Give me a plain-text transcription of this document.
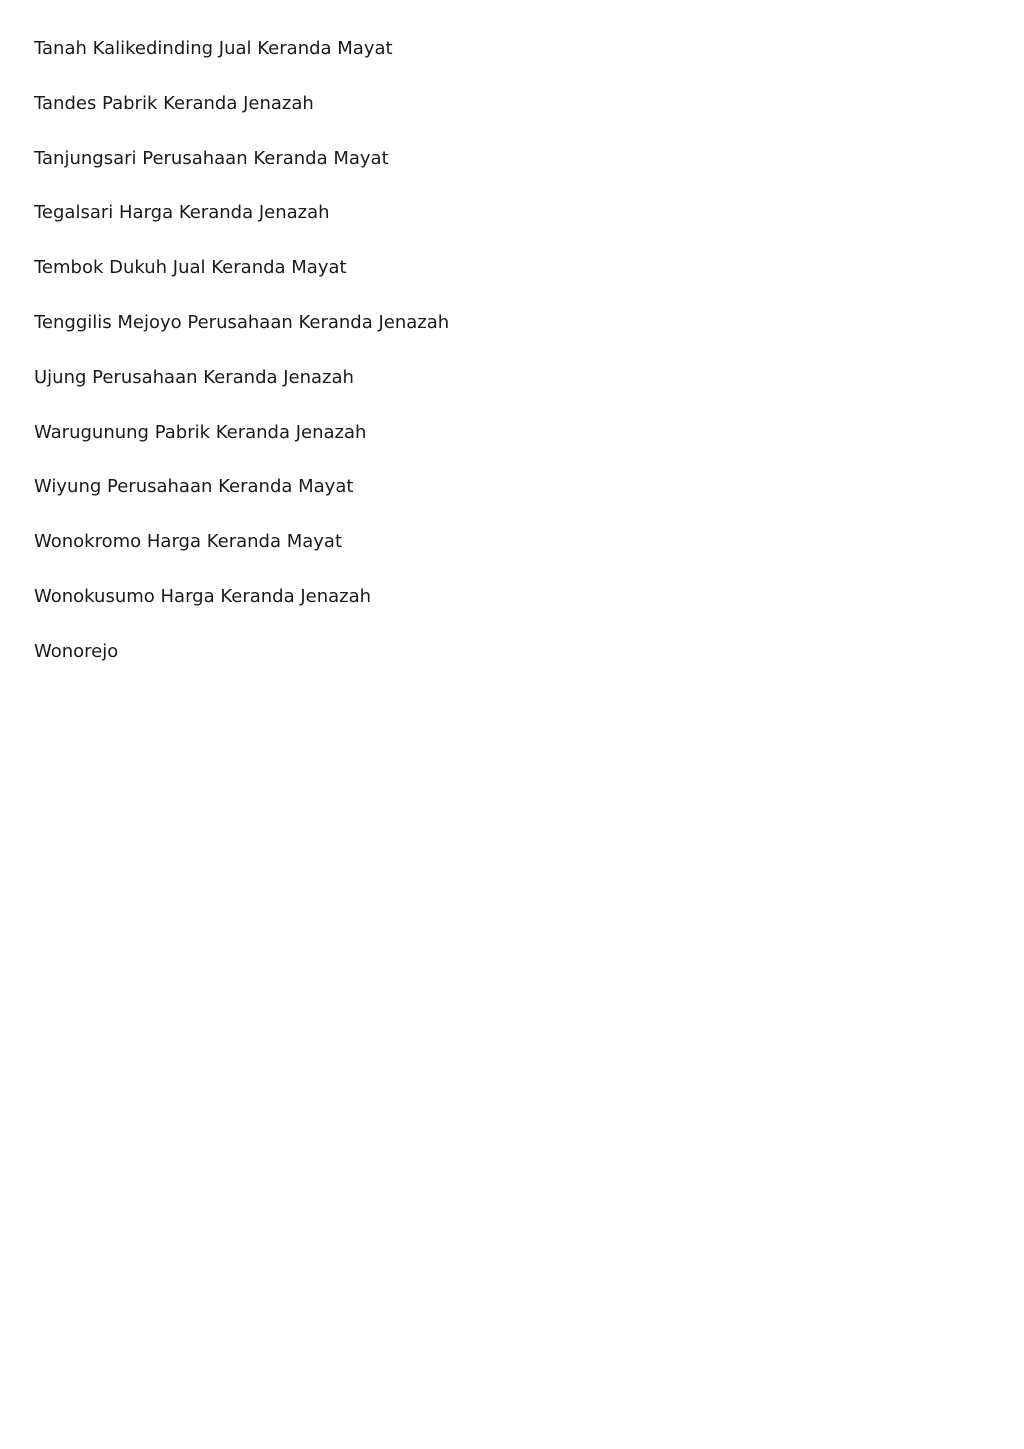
Tanah Kalikedinding Jual Keranda Mayat
Tandes Pabrik Keranda Jenazah
Tanjungsari Perusahaan Keranda Mayat
Tegalsari Harga Keranda Jenazah
Tembok Dukuh Jual Keranda Mayat
Tenggilis Mejoyo Perusahaan Keranda Jenazah
Ujung Perusahaan Keranda Jenazah
Warugunung Pabrik Keranda Jenazah
Wiyung Perusahaan Keranda Mayat
Wonokromo Harga Keranda Mayat
Wonokusumo Harga Keranda Jenazah
Wonorejo
